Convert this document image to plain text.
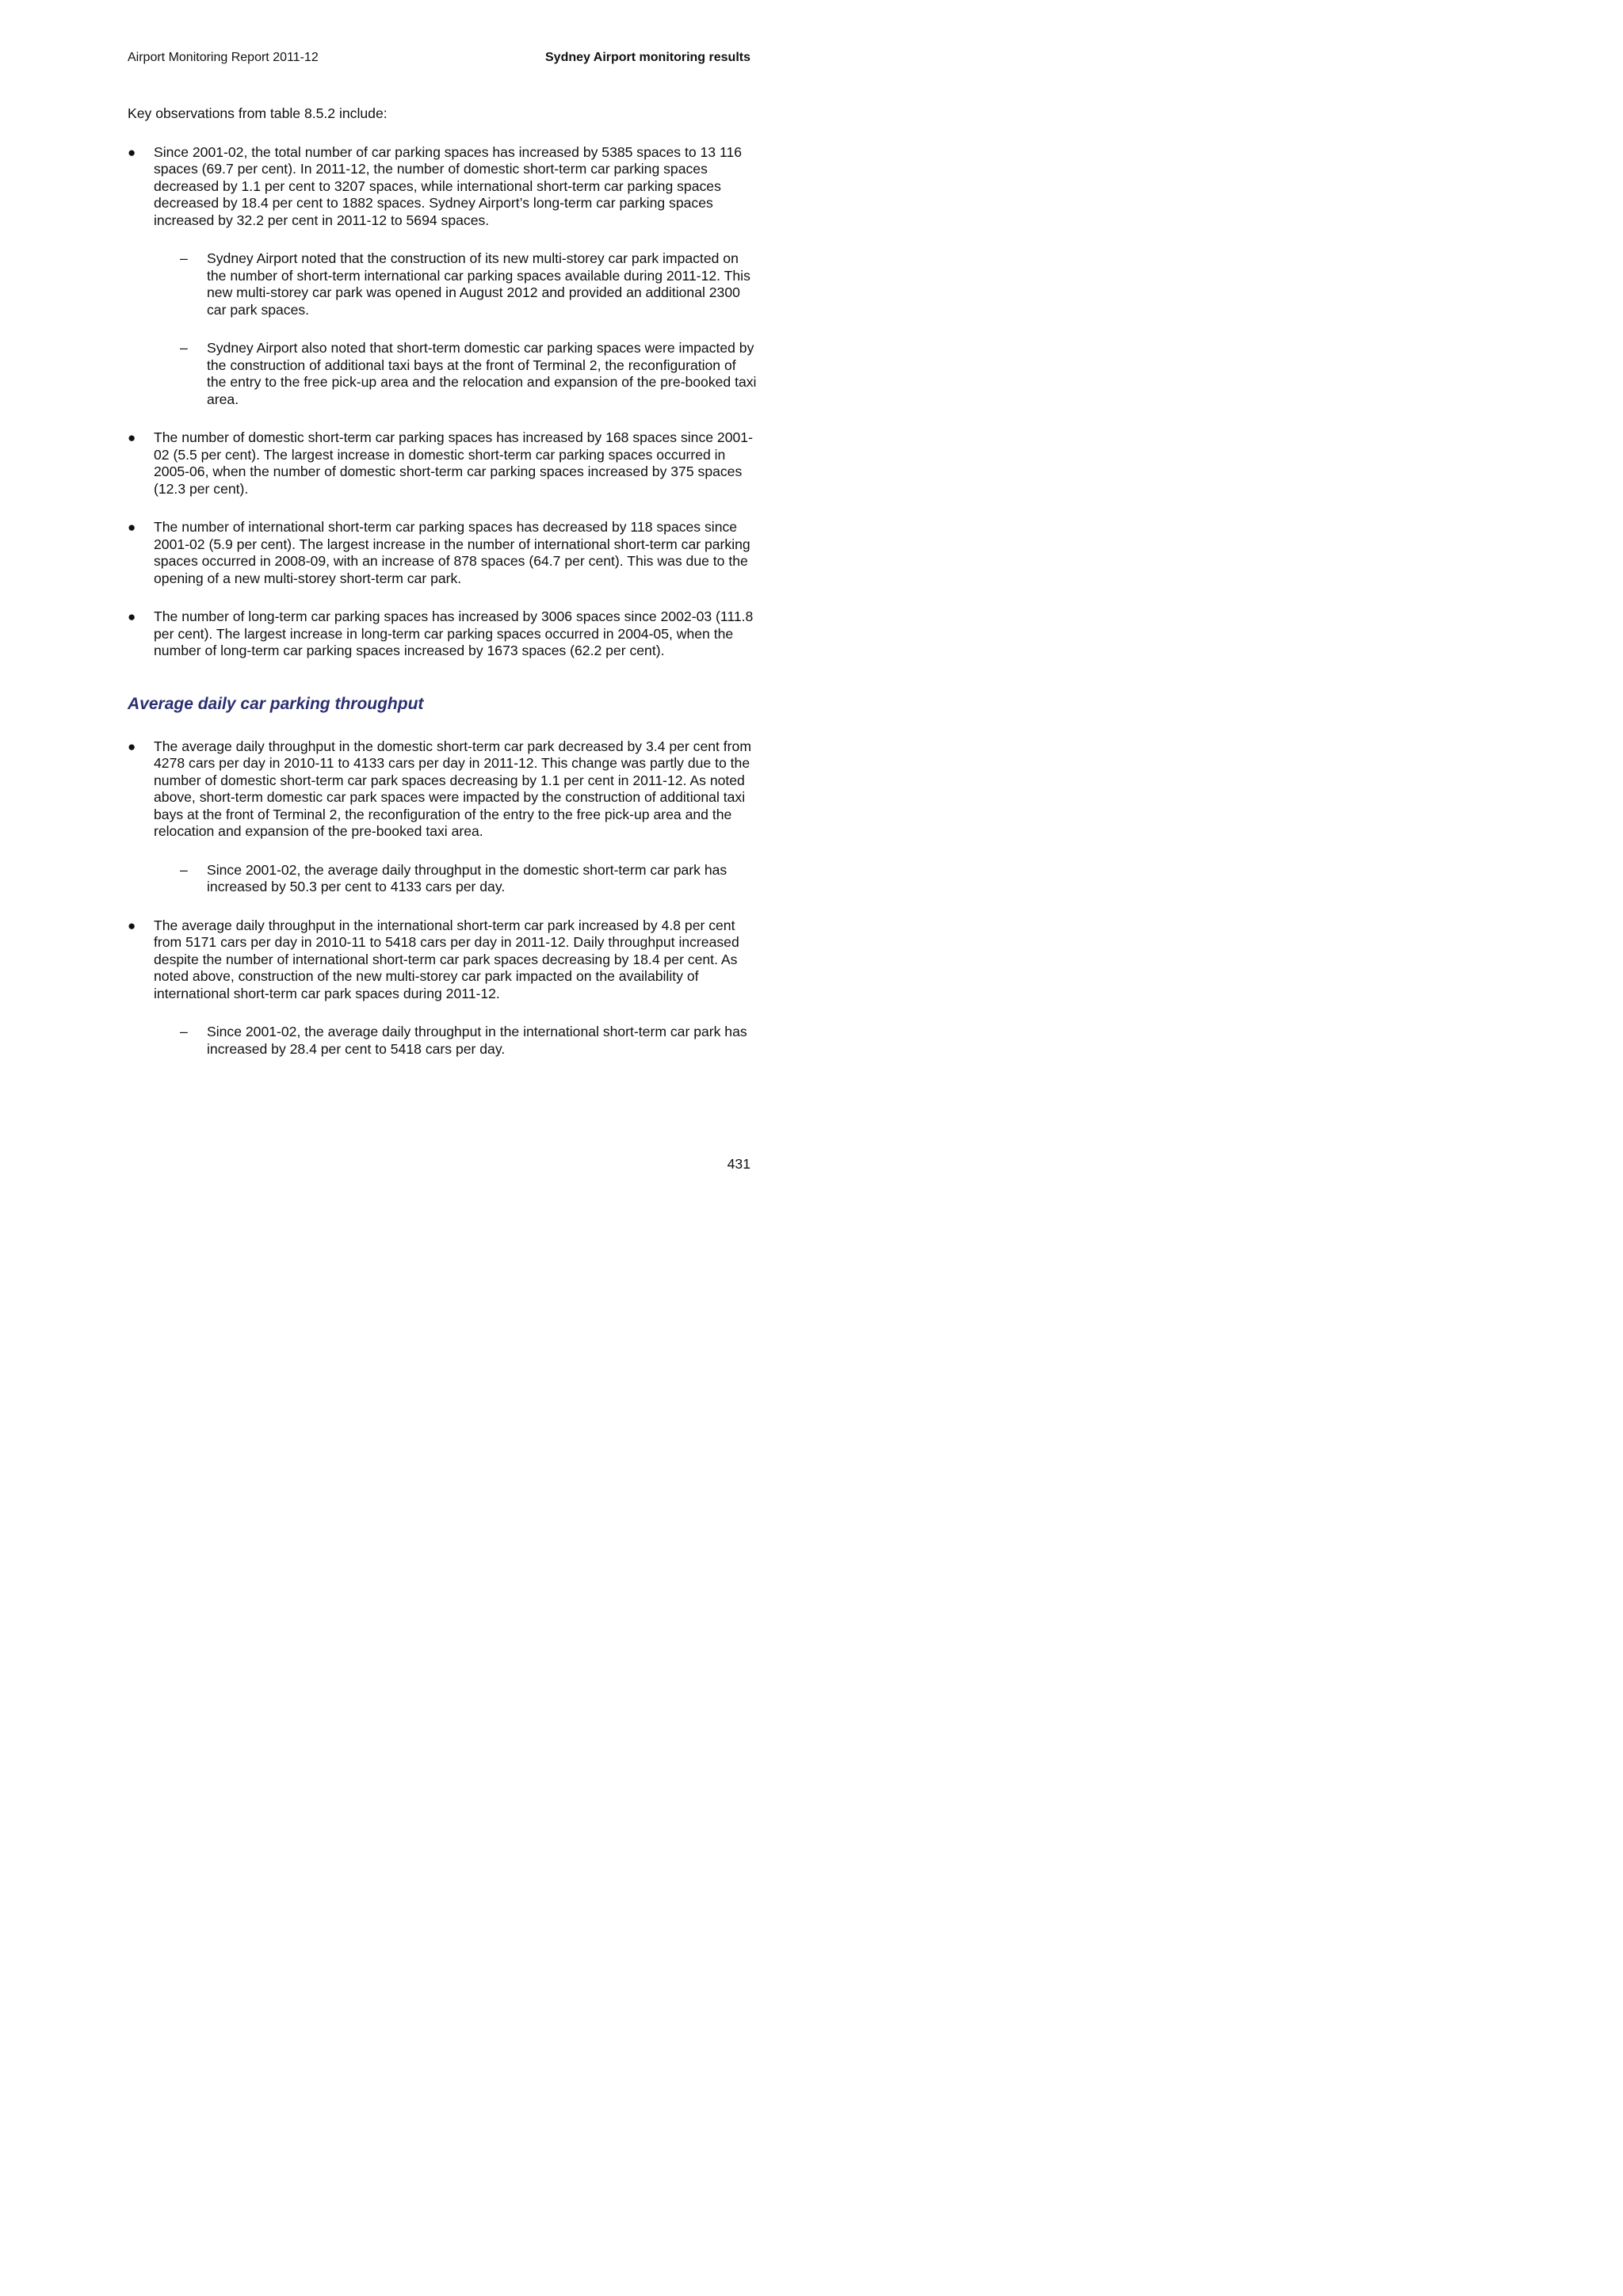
Airport Monitoring Report 2011-12	Sydney Airport monitoring results

Key observations from table 8.5.2 include:

●	Since 2001-02, the total number of car parking spaces has increased by 5385 spaces to 13 116 spaces (69.7 per cent). In 2011-12, the number of domestic short-term car parking spaces decreased by 1.1 per cent to 3207 spaces, while international short-term car parking spaces decreased by 18.4 per cent to 1882 spaces. Sydney Airport’s long-term car parking spaces increased by 32.2 per cent in 2011-12 to 5694 spaces.
– Sydney Airport noted that the construction of its new multi-storey car park impacted on the number of short-term international car parking spaces available during 2011-12. This new multi-storey car park was opened in August 2012 and provided an additional 2300 car park spaces.
– Sydney Airport also noted that short-term domestic car parking spaces were impacted by the construction of additional taxi bays at the front of Terminal 2, the reconfiguration of the entry to the free pick-up area and the relocation and expansion of the pre-booked taxi area.
●	The number of domestic short-term car parking spaces has increased by 168 spaces since 2001-02 (5.5 per cent). The largest increase in domestic short-term car parking spaces occurred in 2005-06, when the number of domestic short-term car parking spaces increased by 375 spaces (12.3 per cent).
●	The number of international short-term car parking spaces has decreased by 118 spaces since 2001-02 (5.9 per cent). The largest increase in the number of international short-term car parking spaces occurred in 2008-09, with an increase of 878 spaces (64.7 per cent). This was due to the opening of a new multi-storey short-term car park.
●	The number of long-term car parking spaces has increased by 3006 spaces since 2002-03 (111.8 per cent). The largest increase in long-term car parking spaces occurred in 2004-05, when the number of long-term car parking spaces increased by 1673 spaces (62.2 per cent).
Average daily car parking throughput
●	The average daily throughput in the domestic short-term car park decreased by 3.4 per cent from 4278 cars per day in 2010-11 to 4133 cars per day in 2011-12. This change was partly due to the number of domestic short-term car park spaces decreasing by 1.1 per cent in 2011-12. As noted above, short-term domestic car park spaces were impacted by the construction of additional taxi bays at the front of Terminal 2, the reconfiguration of the entry to the free pick-up area and the relocation and expansion of the pre-booked taxi area.
– Since 2001-02, the average daily throughput in the domestic short-term car park has increased by 50.3 per cent to 4133 cars per day.
●	The average daily throughput in the international short-term car park increased by 4.8 per cent from 5171 cars per day in 2010-11 to 5418 cars per day in 2011-12. Daily throughput increased despite the number of international short-term car park spaces decreasing by 18.4 per cent. As noted above, construction of the new multi-storey car park impacted on the availability of international short-term car park spaces during 2011-12.
– Since 2001-02, the average daily throughput in the international short-term car park has increased by 28.4 per cent to 5418 cars per day.
431
